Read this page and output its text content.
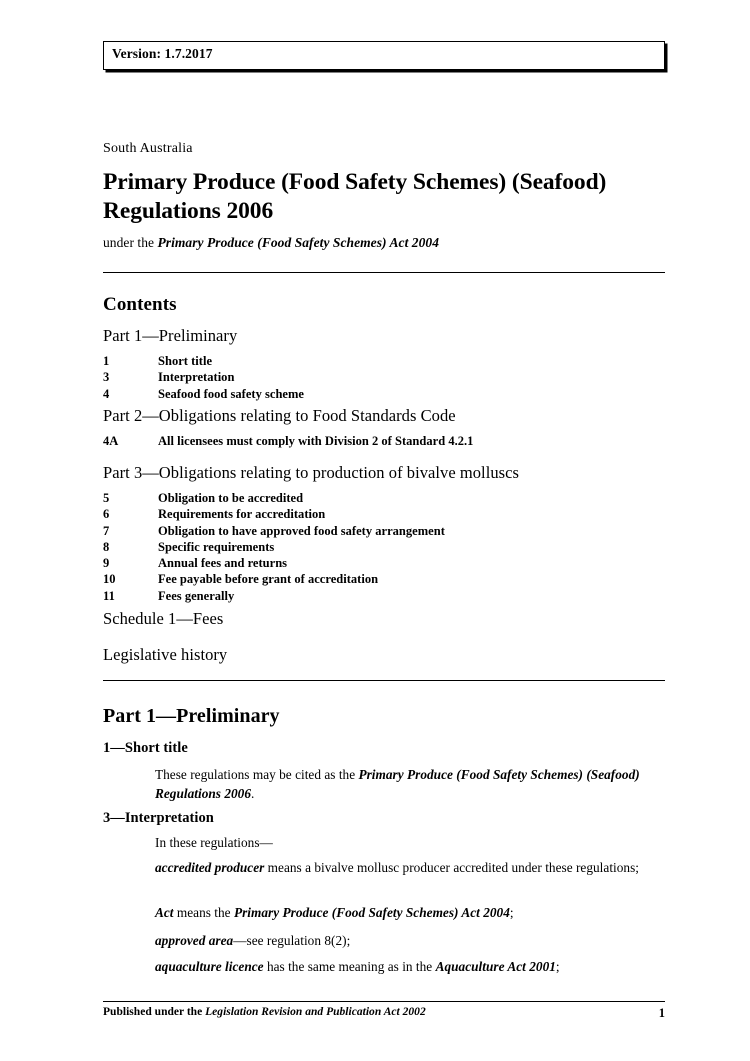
Version: 1.7.2017
South Australia
Primary Produce (Food Safety Schemes) (Seafood) Regulations 2006
under the Primary Produce (Food Safety Schemes) Act 2004
Contents
Part 1—Preliminary
1	Short title
3	Interpretation
4	Seafood food safety scheme
Part 2—Obligations relating to Food Standards Code
4A	All licensees must comply with Division 2 of Standard 4.2.1
Part 3—Obligations relating to production of bivalve molluscs
5	Obligation to be accredited
6	Requirements for accreditation
7	Obligation to have approved food safety arrangement
8	Specific requirements
9	Annual fees and returns
10	Fee payable before grant of accreditation
11	Fees generally
Schedule 1—Fees
Legislative history
Part 1—Preliminary
1—Short title
These regulations may be cited as the Primary Produce (Food Safety Schemes) (Seafood) Regulations 2006.
3—Interpretation
In these regulations—
accredited producer means a bivalve mollusc producer accredited under these regulations;
Act means the Primary Produce (Food Safety Schemes) Act 2004;
approved area—see regulation 8(2);
aquaculture licence has the same meaning as in the Aquaculture Act 2001;
Published under the Legislation Revision and Publication Act 2002	1
